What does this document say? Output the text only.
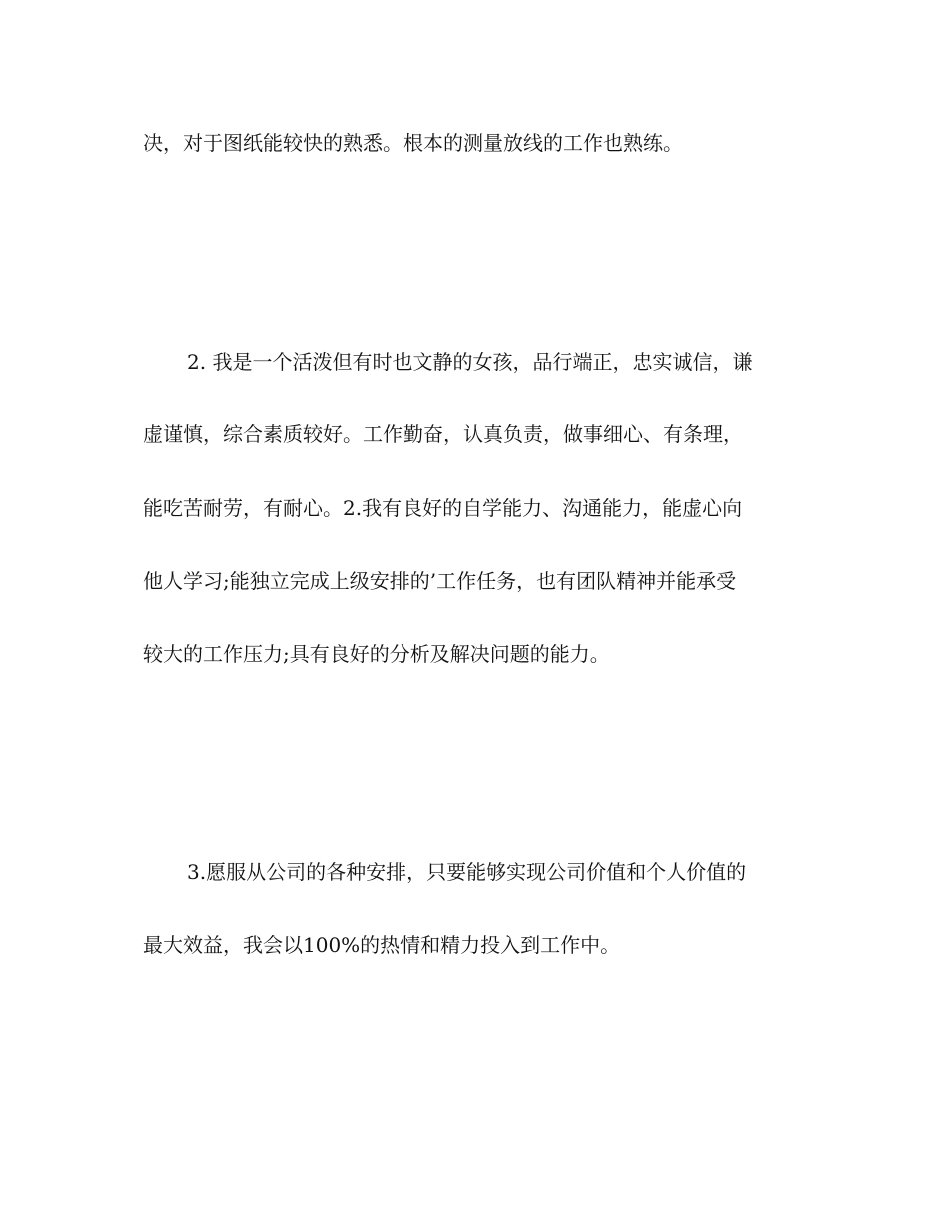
决，对于图纸能较快的熟悉。根本的测量放线的工作也熟练。
2. 我是一个活泼但有时也文静的女孩，品行端正，忠实诚信，谦
虚谨慎，综合素质较好。工作勤奋，认真负责，做事细心、有条理，
能吃苦耐劳，有耐心。2.我有良好的自学能力、沟通能力，能虚心向
他人学习;能独立完成上级安排的’工作任务，也有团队精神并能承受
较大的工作压力;具有良好的分析及解决问题的能力。
3.愿服从公司的各种安排，只要能够实现公司价值和个人价值的
最大效益，我会以100%的热情和精力投入到工作中。
